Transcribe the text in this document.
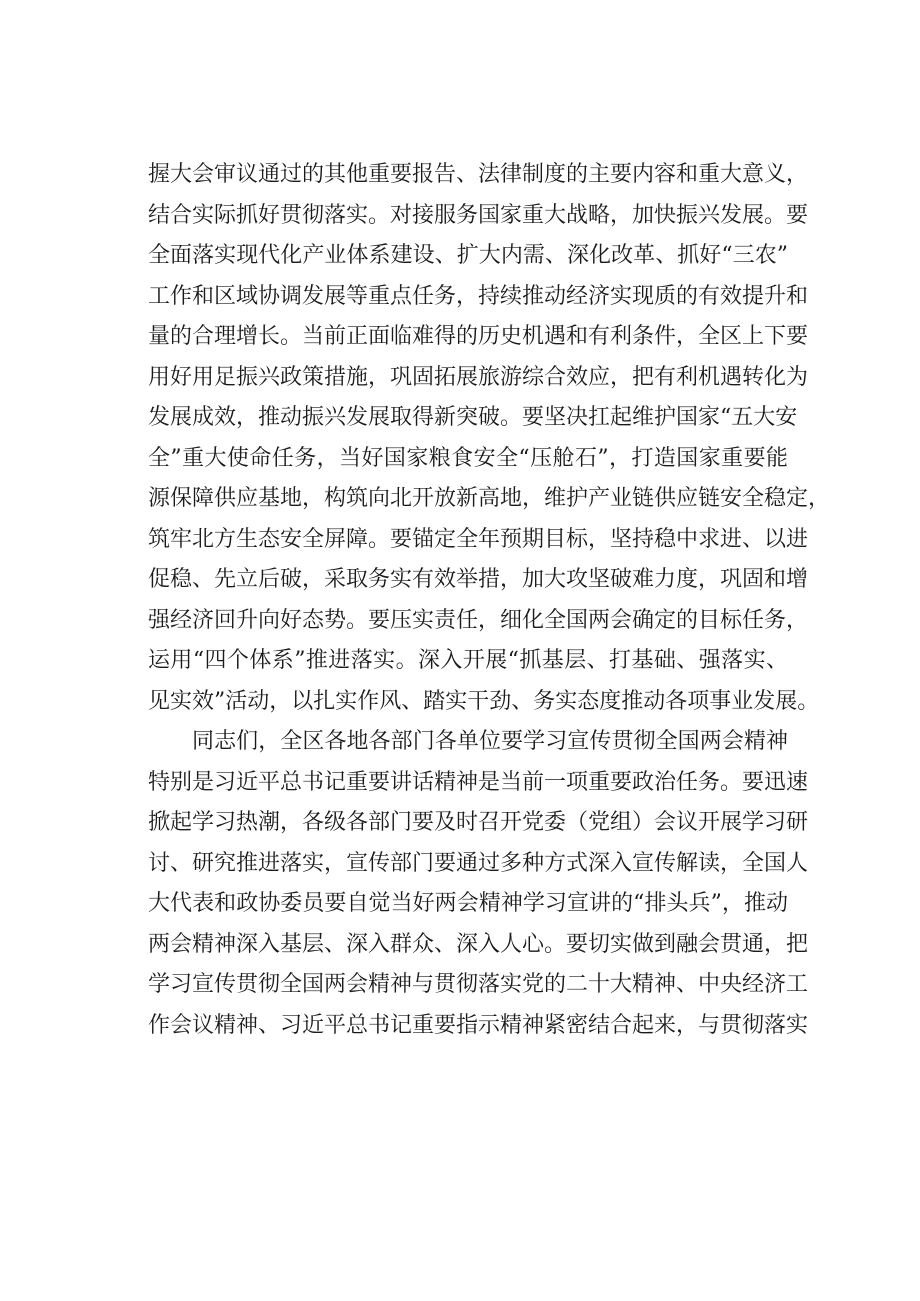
握大会审议通过的其他重要报告、法律制度的主要内容和重大意义，
结合实际抓好贯彻落实。对接服务国家重大战略，加快振兴发展。要
全面落实现代化产业体系建设、扩大内需、深化改革、抓好“三农”
工作和区域协调发展等重点任务，持续推动经济实现质的有效提升和
量的合理增长。当前正面临难得的历史机遇和有利条件，全区上下要
用好用足振兴政策措施，巩固拓展旅游综合效应，把有利机遇转化为
发展成效，推动振兴发展取得新突破。要坚决扛起维护国家“五大安
全”重大使命任务，当好国家粮食安全“压舱石”，打造国家重要能
源保障供应基地，构筑向北开放新高地，维护产业链供应链安全稳定，
筑牢北方生态安全屏障。要锚定全年预期目标，坚持稳中求进、以进
促稳、先立后破，采取务实有效举措，加大攻坚破难力度，巩固和增
强经济回升向好态势。要压实责任，细化全国两会确定的目标任务，
运用“四个体系”推进落实。深入开展“抓基层、打基础、强落实、
见实效”活动，以扎实作风、踏实干劲、务实态度推动各项事业发展。
同志们，全区各地各部门各单位要学习宣传贯彻全国两会精神
特别是习近平总书记重要讲话精神是当前一项重要政治任务。要迅速
掀起学习热潮，各级各部门要及时召开党委（党组）会议开展学习研
讨、研究推进落实，宣传部门要通过多种方式深入宣传解读，全国人
大代表和政协委员要自觉当好两会精神学习宣讲的“排头兵”，推动
两会精神深入基层、深入群众、深入人心。要切实做到融会贯通，把
学习宣传贯彻全国两会精神与贯彻落实党的二十大精神、中央经济工
作会议精神、习近平总书记重要指示精神紧密结合起来，与贯彻落实
